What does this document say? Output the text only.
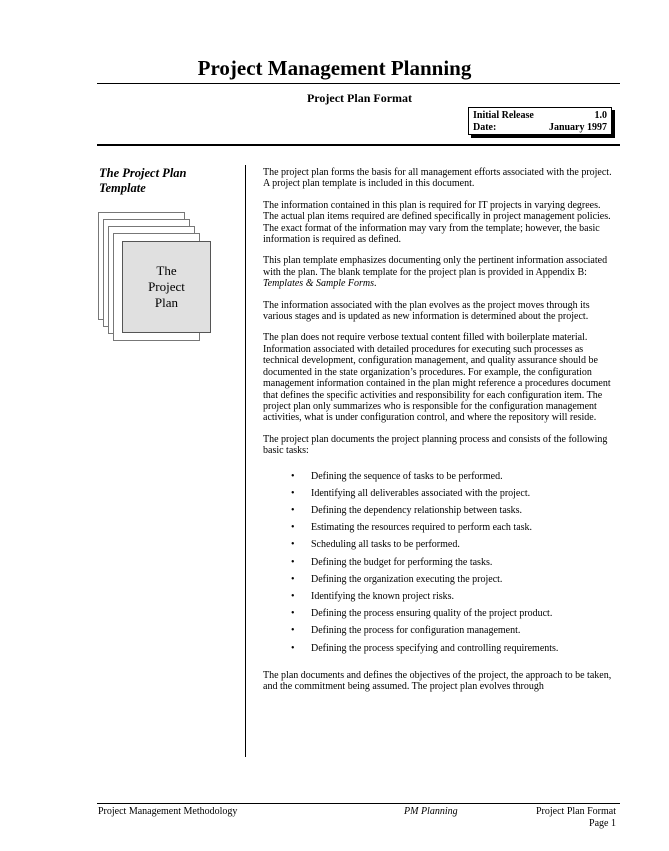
Project Management Planning
Project Plan Format
Initial Release	1.0
Date:	January 1997
The Project Plan
Template
The
Project
Plan

The project plan forms the basis for all management efforts associated with the project. A project plan template is included in this document.

The information contained in this plan is required for IT projects in varying degrees. The actual plan items required are defined specifically in project management policies. The exact format of the information may vary from the template; however, the basic information is required as defined.

This plan template emphasizes documenting only the pertinent information associated with the plan. The blank template for the project plan is provided in Appendix B: Templates & Sample Forms.

The information associated with the plan evolves as the project moves through its various stages and is updated as new information is determined about the project.

The plan does not require verbose textual content filled with boilerplate material. Information associated with detailed procedures for executing such processes as technical development, configuration management, and quality assurance should be documented in the state organization’s procedures. For example, the configuration management information contained in the plan might reference a procedures document that defines the specific activities and responsibility for each configuration item. The project plan only summarizes who is responsible for the configuration management activities, what is under configuration control, and where the repository will reside.

The project plan documents the project planning process and consists of the following basic tasks:

• Defining the sequence of tasks to be performed.
• Identifying all deliverables associated with the project.
• Defining the dependency relationship between tasks.
• Estimating the resources required to perform each task.
• Scheduling all tasks to be performed.
• Defining the budget for performing the tasks.
• Defining the organization executing the project.
• Identifying the known project risks.
• Defining the process ensuring quality of the project product.
• Defining the process for configuration management.
• Defining the process specifying and controlling requirements.

The plan documents and defines the objectives of the project, the approach to be taken, and the commitment being assumed. The project plan evolves through

Project Management Methodology	PM Planning	Project Plan Format
Page 1
